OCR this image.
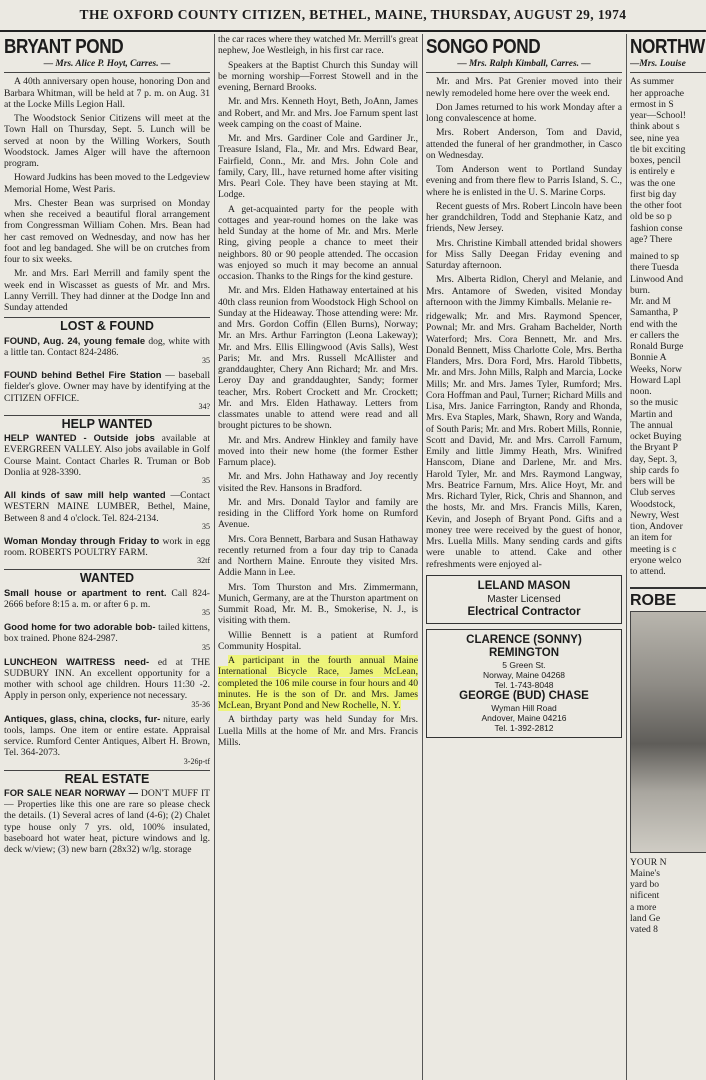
THE OXFORD COUNTY CITIZEN, BETHEL, MAINE, THURSDAY, AUGUST 29, 1974
BRYANT POND
— Mrs. Alice P. Hoyt, Carres. —

A 40th anniversary open house, honoring Don and Barbara Whitman, will be held at 7 p. m. on Aug. 31 at the Locke Mills Legion Hall.

The Woodstock Senior Citizens will meet at the Town Hall on Thursday, Sept. 5. Lunch will be served at noon by the Willing Workers, South Woodstock. James Alger will have the afternoon program.

Howard Judkins has been moved to the Ledgeview Memorial Home, West Paris.

Mrs. Chester Bean was surprised on Monday when she received a beautiful floral arrangement from Congressman William Cohen. Mrs. Bean had her cast removed on Wednesday, and now has her foot and leg bandaged. She will be on crutches from four to six weeks.

Mr. and Mrs. Earl Merrill and family spent the week end in Wiscasset as guests of Mr. and Mrs. Lanny Verrill. They had dinner at the Dodge Inn and Sunday attended

LOST & FOUND
FOUND, Aug. 24, young female dog, white with a little tan. Contact 824-2486.
35
FOUND behind Bethel Fire Station — baseball fielder's glove. Owner may have by identifying at the CITIZEN OFFICE.
34?
HELP WANTED
HELP WANTED - Outside jobs available at EVERGREEN VALLEY. Also jobs available in Golf Course Maint. Contact Charles R. Truman or Bob Donlia at 928-3390.
35
All kinds of saw mill help wanted —Contact WESTERN MAINE LUMBER, Bethel, Maine, Between 8 and 4 o'clock. Tel. 824-2134.
35
Woman Monday through Friday to work in egg room. ROBERTS POULTRY FARM.
32tf
WANTED
Small house or apartment to rent. Call 824-2666 before 8:15 a. m. or after 6 p. m.
35
Good home for two adorable bob- tailed kittens, box trained. Phone 824-2987.
35
LUNCHEON WAITRESS need- ed at THE SUDBURY INN. An excellent opportunity for a mother with school age children. Hours 11:30 -2. Apply in person only, experience not necessary.
35-36
Antiques, glass, china, clocks, fur- niture, early tools, lamps. One item or entire estate. Appraisal service. Rumford Center Antiques, Albert H. Brown, Tel. 364-2073.
3-26p-tf
REAL ESTATE
FOR SALE NEAR NORWAY — DON'T MUFF IT — Properties like this one are rare so please check the details. (1) Several acres of land (4-6); (2) Chalet type house only 7 yrs. old, 100% insulated, baseboard hot water heat, picture windows and lg. deck w/view; (3) new barn (28x32) w/lg. storage

the car races where they watched Mr. Merrill's great nephew, Joe Westleigh, in his first car race.

Speakers at the Baptist Church this Sunday will be morning worship—Forrest Stowell and in the evening, Bernard Brooks.

Mr. and Mrs. Kenneth Hoyt, Beth, JoAnn, James and Robert, and Mr. and Mrs. Joe Farnum spent last week camping on the coast of Maine.

Mr. and Mrs. Gardiner Cole and Gardiner Jr., Treasure Island, Fla., Mr. and Mrs. Edward Bear, Fairfield, Conn., Mr. and Mrs. John Cole and family, Cary, Ill., have returned home after visiting Mrs. Pearl Cole. They have been staying at Mt. Lodge.

A get-acquainted party for the people with cottages and year-round homes on the lake was held Sunday at the home of Mr. and Mrs. Merle Ring, giving people a chance to meet their neighbors. 80 or 90 people attended. The occasion was enjoyed so much it may become an annual occasion. Thanks to the Rings for the kind gesture.

Mr. and Mrs. Elden Hathaway entertained at his 40th class reunion from Woodstock High School on Sunday at the Hideaway. Those attending were: Mr. and Mrs. Gordon Coffin (Ellen Burns), Norway; Mr. an Mrs. Arthur Farrington (Leona Lakeway); Mr. and Mrs. Ellis Ellingwood (Avis Salls), West Paris; Mr. and Mrs. Russell McAllister and granddaughter, Chery Ann Richard; Mr. and Mrs. Leroy Day and granddaughter, Sandy; former teacher, Mrs. Robert Crockett and Mr. Crockett; Mr. and Mrs. Elden Hathaway. Letters from classmates unable to attend were read and all brought pictures to be shown.

Mr. and Mrs. Andrew Hinkley and family have moved into their new home (the former Esther Farnum place).

Mr. and Mrs. John Hathaway and Joy recently visited the Rev. Hansons in Bradford.

Mr. and Mrs. Donald Taylor and family are residing in the Clifford York home on Rumford Avenue.

Mrs. Cora Bennett, Barbara and Susan Hathaway recently returned from a four day trip to Canada and Northern Maine. Enroute they visited Mrs. Addie Mann in Lee.

Mrs. Tom Thurston and Mrs. Zimmermann, Munich, Germany, are at the Thurston apartment on Summit Road, Mr. M. B., Smokerise, N. J., is visiting with them.

Willie Bennett is a patient at Rumford Community Hospital.

A participant in the fourth annual Maine International Bicycle Race, James McLean, completed the 106 mile course in four hours and 40 minutes. He is the son of Dr. and Mrs. James McLean, Bryant Pond and New Rochelle, N. Y.

A birthday party was held Sunday for Mrs. Luella Mills at the home of Mr. and Mrs. Francis Mills.

SONGO POND
— Mrs. Ralph Kimball, Carres. —

Mr. and Mrs. Pat Grenier moved into their newly remodeled home here over the week end.

Don James returned to his work Monday after a long convalescence at home.

Mrs. Robert Anderson, Tom and David, attended the funeral of her grandmother, in Casco on Wednesday.

Tom Anderson went to Portland Sunday evening and from there flew to Parris Island, S. C., where he is enlisted in the U. S. Marine Corps.

Recent guests of Mrs. Robert Lincoln have been her grandchildren, Todd and Stephanie Katz, and friends, New Jersey.

Mrs. Christine Kimball attended bridal showers for Miss Sally Deegan Friday evening and Saturday afternoon.

Mrs. Alberta Ridlon, Cheryl and Melanie, and Mrs. Antamore of Sweden, visited Monday afternoon with the Jimmy Kimballs. Melanie re-

ridgewalk; Mr. and Mrs. Raymond Spencer, Pownal; Mr. and Mrs. Graham Bachelder, North Waterford; Mrs. Cora Bennett, Mr. and Mrs. Donald Bennett, Miss Charlotte Cole, Mrs. Bertha Flanders, Mrs. Dora Ford, Mrs. Harold Tibbetts, Mr. and Mrs. John Mills, Ralph and Marcia, Locke Mills; Mr. and Mrs. James Tyler, Rumford; Mrs. Cora Hoffman and Paul, Turner; Richard Mills and Lisa, Mrs. Janice Farrington, Randy and Rhonda, Mrs. Eva Staples, Mark, Shawn, Rory and Wanda, of South Paris; Mr. and Mrs. Robert Mills, Ronnie, Scott and David, Mr. and Mrs. Carroll Farnum, Emily and little Jimmy Heath, Mrs. Winifred Hanscom, Diane and Darlene, Mr. and Mrs. Harold Tyler, Mr. and Mrs. Raymond Langway, Mrs. Beatrice Farnum, Mrs. Alice Hoyt, Mr. and Mrs. Richard Tyler, Rick, Chris and Shannon, and the hosts, Mr. and Mrs. Francis Mills, Karen, Kevin, and Joseph of Bryant Pond. Gifts and a money tree were received by the guest of honor, Mrs. Luella Mills. Many sending cards and gifts were unable to attend. Cake and other refreshments were enjoyed al-

LELAND MASON
Master Licensed
Electrical Contractor
CLARENCE (SONNY) REMINGTON
5 Green St.
Norway, Maine 04268
Tel. 1-743-8048
GEORGE (BUD) CHASE
Wyman Hill Road
Andover, Maine 04216
Tel. 1-392-2812
NORTHW
—Mrs. Louise
As summer
her approache
ermost in S
year—School!
think about s
see, nine yea
tle bit exciting
boxes, pencil
is entirely e
was the one
first big day
the other foot
old be so p
fashion conse
age? There
mained to sp
there Tuesda
Linwood And
burn.
Mr. and M
Samantha, P
end with the
er callers the
Ronald Burge
Bonnie A
Weeks, Norw
Howard Lapl
noon.
so the music
Martin and
The annual
ocket Buying
the Bryant P
day, Sept. 3,
ship cards fo
bers will be
Club serves
Woodstock,
Newry, West
tion, Andover
an item for
meeting is c
eryone welco
to attend.
ROBE
YOUR N
Maine's
yard bo
nificent
a more
land Ge
vated 8
